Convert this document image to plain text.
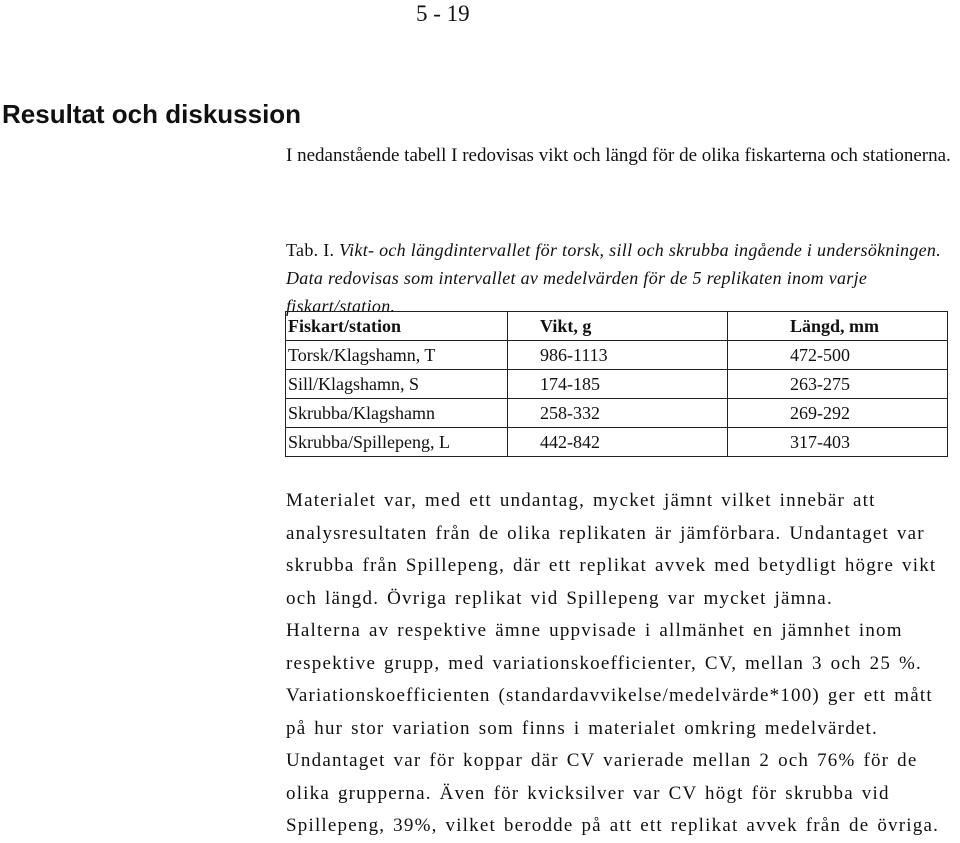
5 - 19
Resultat och diskussion

I nedanstående tabell I redovisas vikt och längd för de olika fiskarterna och stationerna.

Tab. I. Vikt- och längdintervallet för torsk, sill och skrubba ingående i undersökningen. Data redovisas som intervallet av medelvärden för de 5 replikaten inom varje fiskart/station.

Fiskart/station	Vikt, g	Längd, mm
Torsk/Klagshamn, T	986-1113	472-500
Sill/Klagshamn, S	174-185	263-275
Skrubba/Klagshamn	258-332	269-292
Skrubba/Spillepeng, L	442-842	317-403

Materialet var, med ett undantag, mycket jämnt vilket innebär att analysresultaten från de olika replikaten är jämförbara. Undantaget var skrubba från Spillepeng, där ett replikat avvek med betydligt högre vikt och längd. Övriga replikat vid Spillepeng var mycket jämna.

Halterna av respektive ämne uppvisade i allmänhet en jämnhet inom respektive grupp, med variationskoefficienter, CV, mellan 3 och 25 %. Variationskoefficienten (standardavvikelse/medelvärde*100) ger ett mått på hur stor variation som finns i materialet omkring medelvärdet. Undantaget var för koppar där CV varierade mellan 2 och 76% för de olika grupperna. Även för kvicksilver var CV högt för skrubba vid Spillepeng, 39%, vilket berodde på att ett replikat avvek från de övriga.
